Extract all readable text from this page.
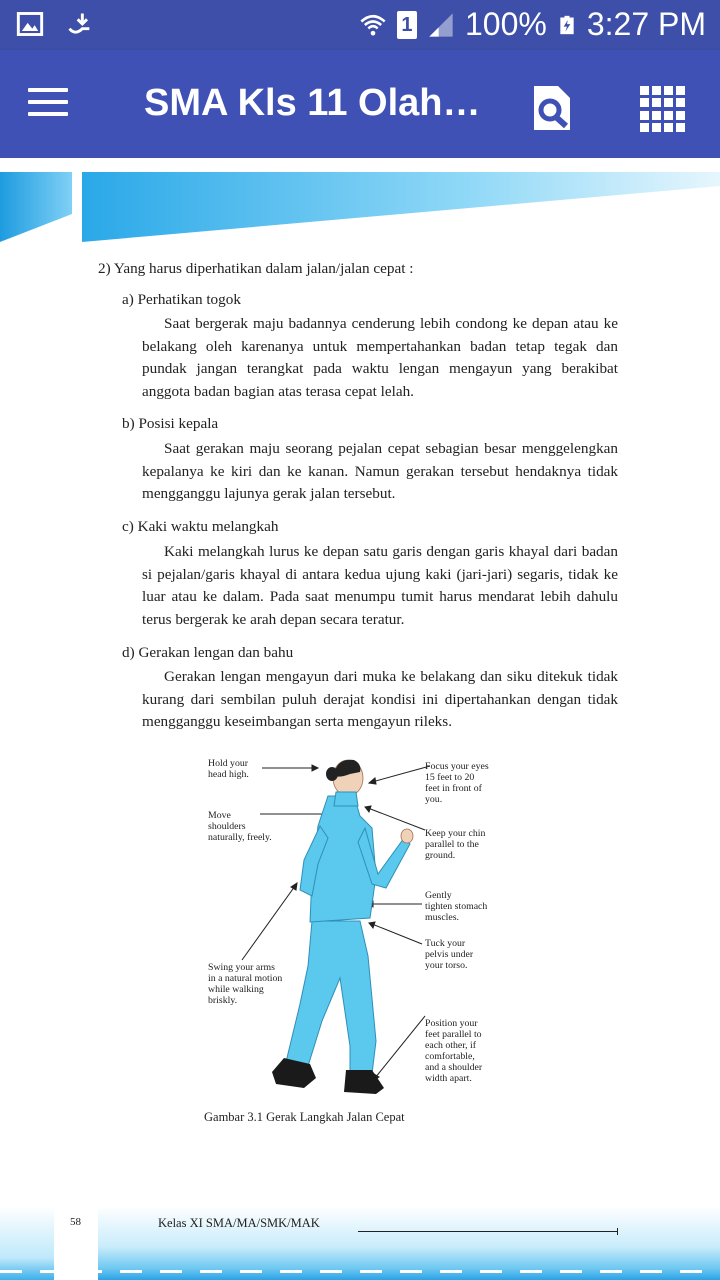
1 100% 3:27 PM
SMA Kls 11 Olah…
2) Yang harus diperhatikan dalam jalan/jalan cepat :
a) Perhatikan togok

Saat bergerak maju badannya cenderung lebih condong ke depan atau ke belakang oleh karenanya untuk mempertahankan badan tetap tegak dan pundak jangan terangkat pada waktu lengan mengayun yang berakibat anggota badan bagian atas terasa cepat lelah.

b) Posisi kepala

Saat gerakan maju seorang pejalan cepat sebagian besar menggelengkan kepalanya ke kiri dan ke kanan. Namun gerakan tersebut hendaknya tidak mengganggu lajunya gerak jalan tersebut.

c) Kaki waktu melangkah

Kaki melangkah lurus ke depan satu garis dengan garis khayal dari badan si pejalan/garis khayal di antara kedua ujung kaki (jari-jari) segaris, tidak ke luar atau ke dalam. Pada saat menumpu tumit harus mendarat lebih dahulu terus bergerak ke arah depan secara teratur.

d) Gerakan lengan dan bahu

Gerakan lengan mengayun dari muka ke belakang dan siku ditekuk tidak kurang dari sembilan puluh derajat kondisi ini dipertahankan dengan tidak mengganggu keseimbangan serta mengayun rileks.

Hold your
head high.
Move
shoulders
naturally, freely.
Swing your arms
in a natural motion
while walking
briskly.
Focus your eyes
15 feet to 20
feet in front of
you.
Keep your chin
parallel to the
ground.
Gently
tighten stomach
muscles.
Tuck your
pelvis under
your torso.
Position your
feet parallel to
each other, if
comfortable,
and a shoulder
width apart.
Gambar 3.1 Gerak Langkah Jalan Cepat
58	Kelas XI SMA/MA/SMK/MAK
